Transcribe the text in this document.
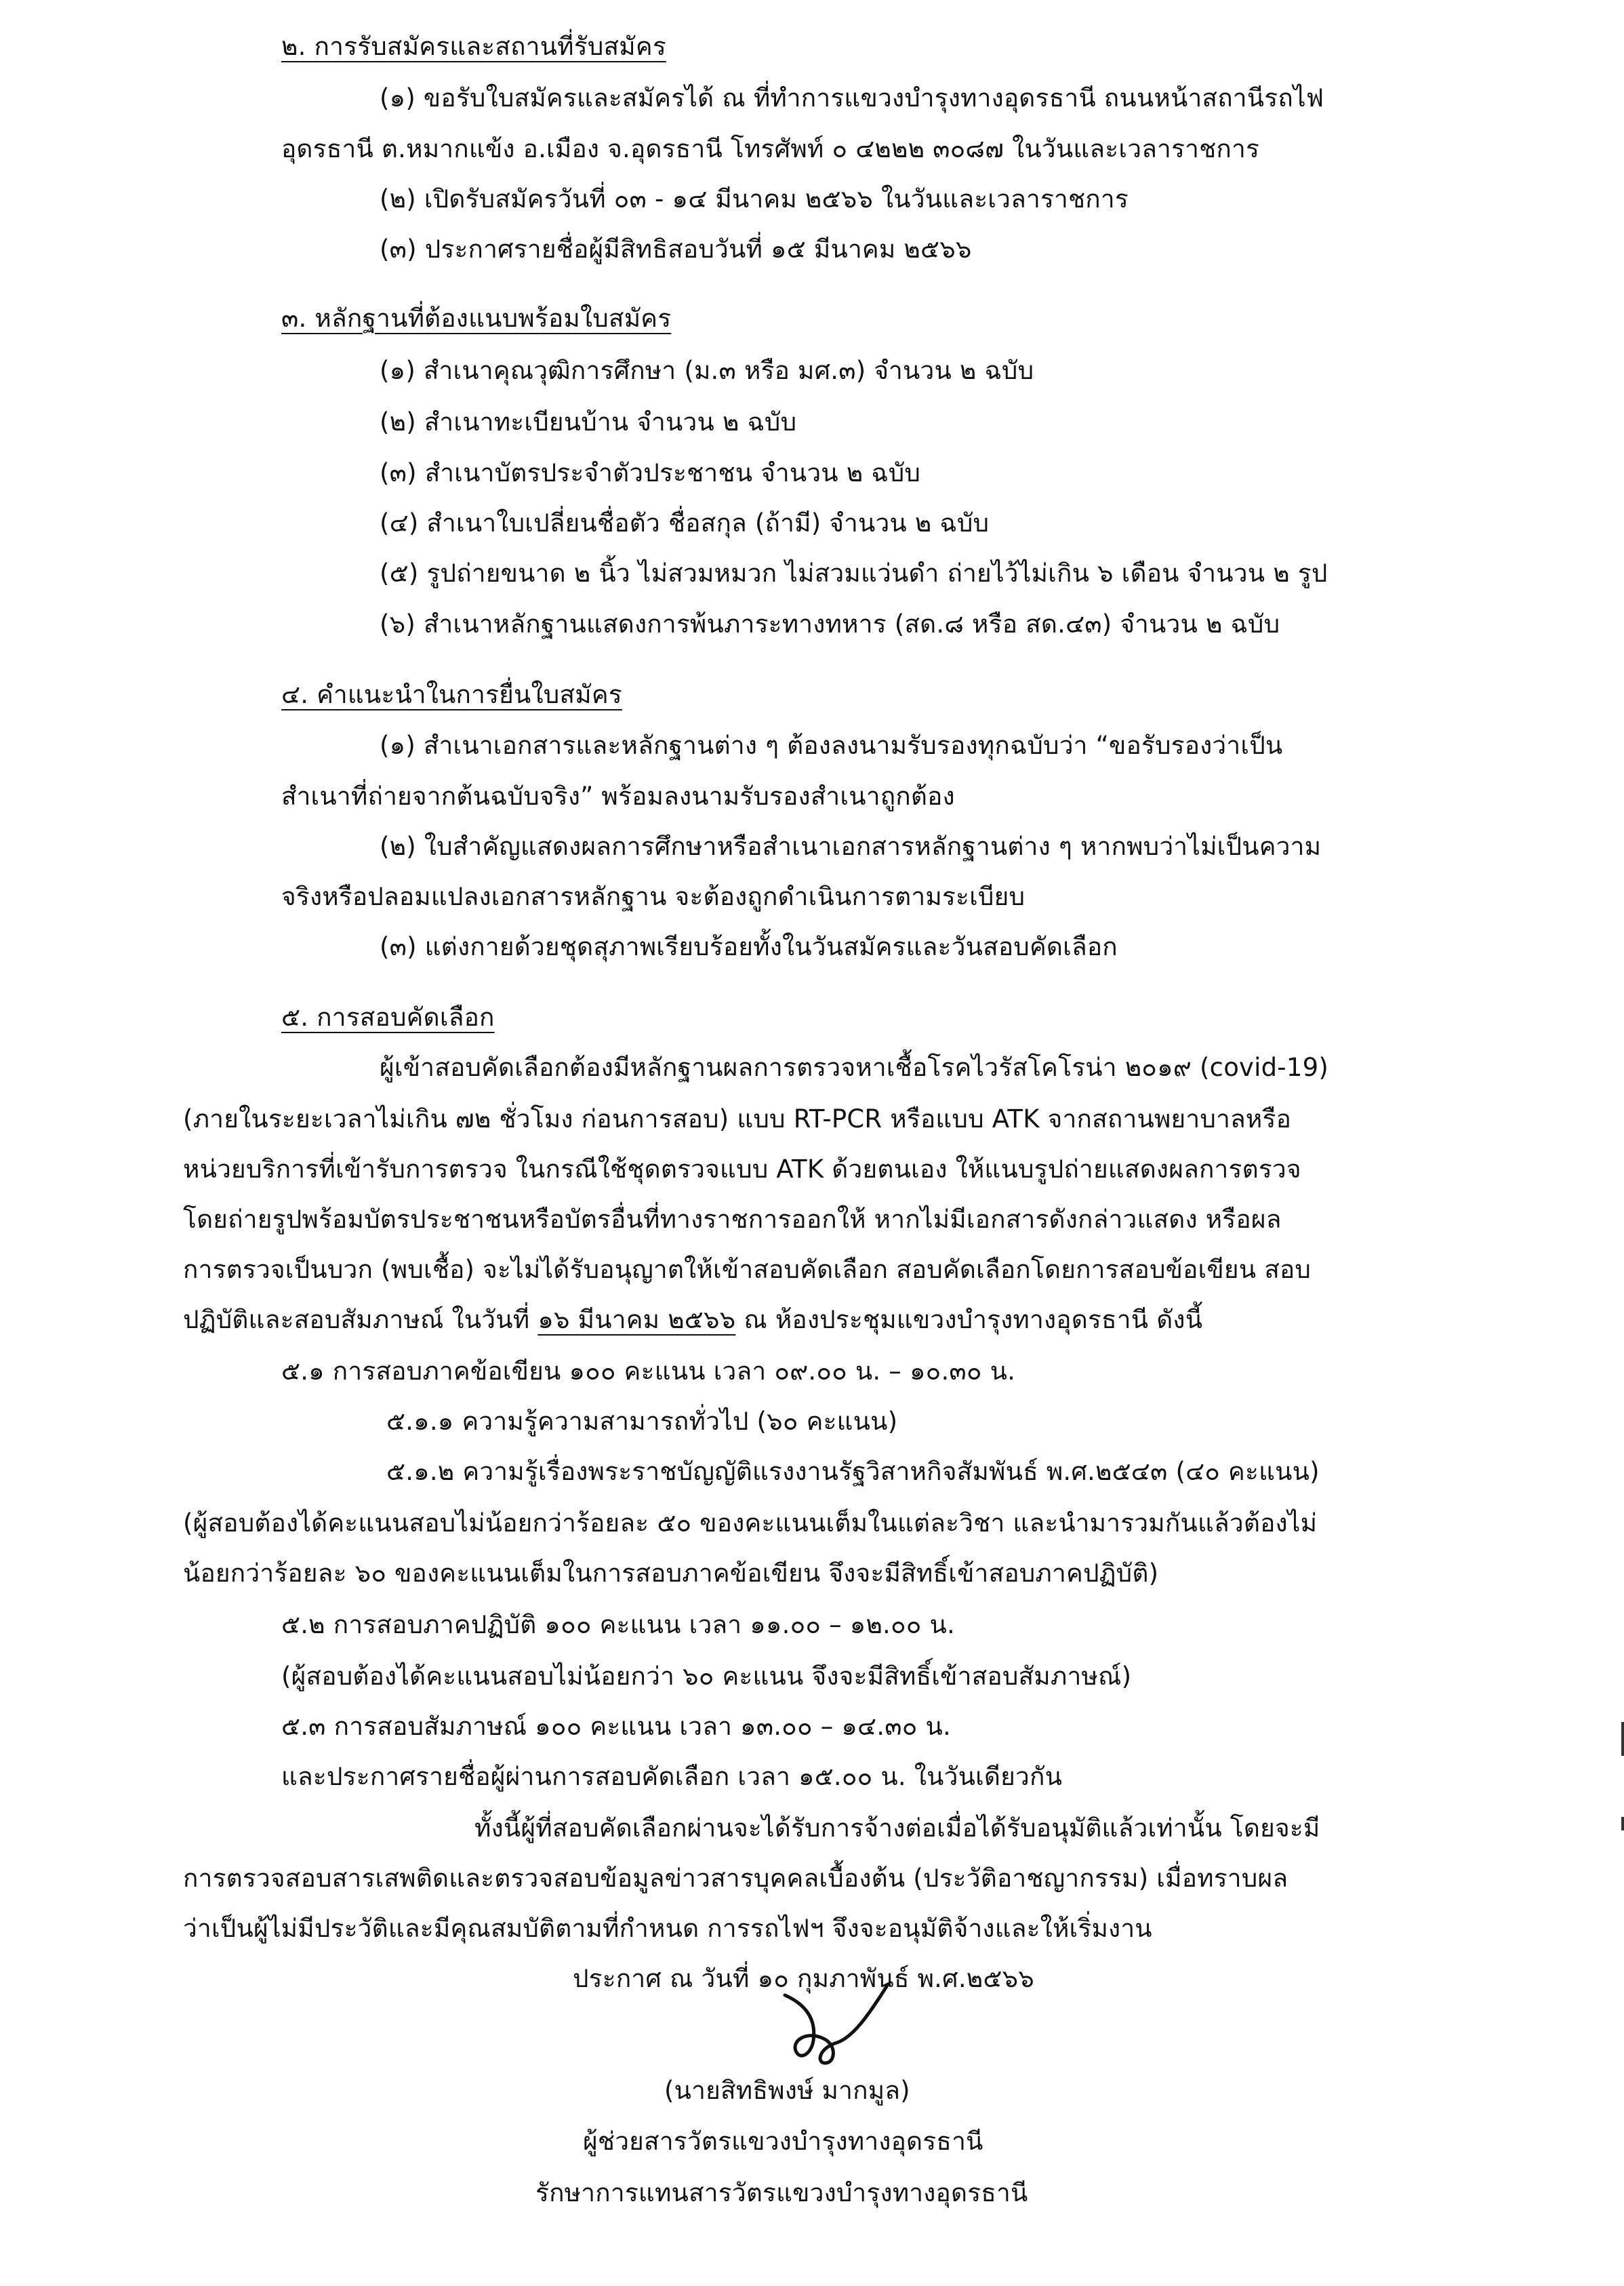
๒. การรับสมัครและสถานที่รับสมัคร
(๑) ขอรับใบสมัครและสมัครได้ ณ ที่ทำการแขวงบำรุงทางอุดรธานี ถนนหน้าสถานีรถไฟ
อุดรธานี ต.หมากแข้ง อ.เมือง จ.อุดรธานี โทรศัพท์ ๐ ๔๒๒๒ ๓๐๘๗ ในวันและเวลาราชการ
(๒) เปิดรับสมัครวันที่ ๐๓ - ๑๔ มีนาคม ๒๕๖๖ ในวันและเวลาราชการ
(๓) ประกาศรายชื่อผู้มีสิทธิสอบวันที่ ๑๕ มีนาคม ๒๕๖๖
๓. หลักฐานที่ต้องแนบพร้อมใบสมัคร
(๑) สำเนาคุณวุฒิการศึกษา (ม.๓ หรือ มศ.๓) จำนวน ๒ ฉบับ
(๒) สำเนาทะเบียนบ้าน จำนวน ๒ ฉบับ
(๓) สำเนาบัตรประจำตัวประชาชน จำนวน ๒ ฉบับ
(๔) สำเนาใบเปลี่ยนชื่อตัว ชื่อสกุล (ถ้ามี) จำนวน ๒ ฉบับ
(๕) รูปถ่ายขนาด ๒ นิ้ว ไม่สวมหมวก ไม่สวมแว่นดำ ถ่ายไว้ไม่เกิน ๖ เดือน จำนวน ๒ รูป
(๖) สำเนาหลักฐานแสดงการพ้นภาระทางทหาร (สด.๘ หรือ สด.๔๓) จำนวน ๒ ฉบับ
๔. คำแนะนำในการยื่นใบสมัคร
(๑) สำเนาเอกสารและหลักฐานต่าง ๆ ต้องลงนามรับรองทุกฉบับว่า “ขอรับรองว่าเป็น
สำเนาที่ถ่ายจากต้นฉบับจริง” พร้อมลงนามรับรองสำเนาถูกต้อง
(๒) ใบสำคัญแสดงผลการศึกษาหรือสำเนาเอกสารหลักฐานต่าง ๆ หากพบว่าไม่เป็นความ
จริงหรือปลอมแปลงเอกสารหลักฐาน จะต้องถูกดำเนินการตามระเบียบ
(๓) แต่งกายด้วยชุดสุภาพเรียบร้อยทั้งในวันสมัครและวันสอบคัดเลือก
๕. การสอบคัดเลือก
ผู้เข้าสอบคัดเลือกต้องมีหลักฐานผลการตรวจหาเชื้อโรคไวรัสโคโรน่า ๒๐๑๙ (covid-19)
(ภายในระยะเวลาไม่เกิน ๗๒ ชั่วโมง ก่อนการสอบ) แบบ RT-PCR หรือแบบ ATK จากสถานพยาบาลหรือ
หน่วยบริการที่เข้ารับการตรวจ ในกรณีใช้ชุดตรวจแบบ ATK ด้วยตนเอง ให้แนบรูปถ่ายแสดงผลการตรวจ
โดยถ่ายรูปพร้อมบัตรประชาชนหรือบัตรอื่นที่ทางราชการออกให้ หากไม่มีเอกสารดังกล่าวแสดง หรือผล
การตรวจเป็นบวก (พบเชื้อ) จะไม่ได้รับอนุญาตให้เข้าสอบคัดเลือก สอบคัดเลือกโดยการสอบข้อเขียน สอบ
ปฏิบัติและสอบสัมภาษณ์ ในวันที่ ๑๖ มีนาคม ๒๕๖๖ ณ ห้องประชุมแขวงบำรุงทางอุดรธานี ดังนี้
๕.๑ การสอบภาคข้อเขียน ๑๐๐ คะแนน เวลา ๐๙.๐๐ น. – ๑๐.๓๐ น.
๕.๑.๑ ความรู้ความสามารถทั่วไป (๖๐ คะแนน)
๕.๑.๒ ความรู้เรื่องพระราชบัญญัติแรงงานรัฐวิสาหกิจสัมพันธ์ พ.ศ.๒๕๔๓ (๔๐ คะแนน)
(ผู้สอบต้องได้คะแนนสอบไม่น้อยกว่าร้อยละ ๕๐ ของคะแนนเต็มในแต่ละวิชา และนำมารวมกันแล้วต้องไม่
น้อยกว่าร้อยละ ๖๐ ของคะแนนเต็มในการสอบภาคข้อเขียน จึงจะมีสิทธิ์เข้าสอบภาคปฏิบัติ)
๕.๒ การสอบภาคปฏิบัติ ๑๐๐ คะแนน เวลา ๑๑.๐๐ – ๑๒.๐๐ น.
(ผู้สอบต้องได้คะแนนสอบไม่น้อยกว่า ๖๐ คะแนน จึงจะมีสิทธิ์เข้าสอบสัมภาษณ์)
๕.๓ การสอบสัมภาษณ์ ๑๐๐ คะแนน เวลา ๑๓.๐๐ – ๑๔.๓๐ น.
และประกาศรายชื่อผู้ผ่านการสอบคัดเลือก เวลา ๑๕.๐๐ น. ในวันเดียวกัน
ทั้งนี้ผู้ที่สอบคัดเลือกผ่านจะได้รับการจ้างต่อเมื่อได้รับอนุมัติแล้วเท่านั้น โดยจะมี
การตรวจสอบสารเสพติดและตรวจสอบข้อมูลข่าวสารบุคคลเบื้องต้น (ประวัติอาชญากรรม) เมื่อทราบผล
ว่าเป็นผู้ไม่มีประวัติและมีคุณสมบัติตามที่กำหนด การรถไฟฯ จึงจะอนุมัติจ้างและให้เริ่มงาน
ประกาศ ณ วันที่ ๑๐ กุมภาพันธ์ พ.ศ.๒๕๖๖
(นายสิทธิพงษ์ มากมูล)
ผู้ช่วยสารวัตรแขวงบำรุงทางอุดรธานี
รักษาการแทนสารวัตรแขวงบำรุงทางอุดรธานี
